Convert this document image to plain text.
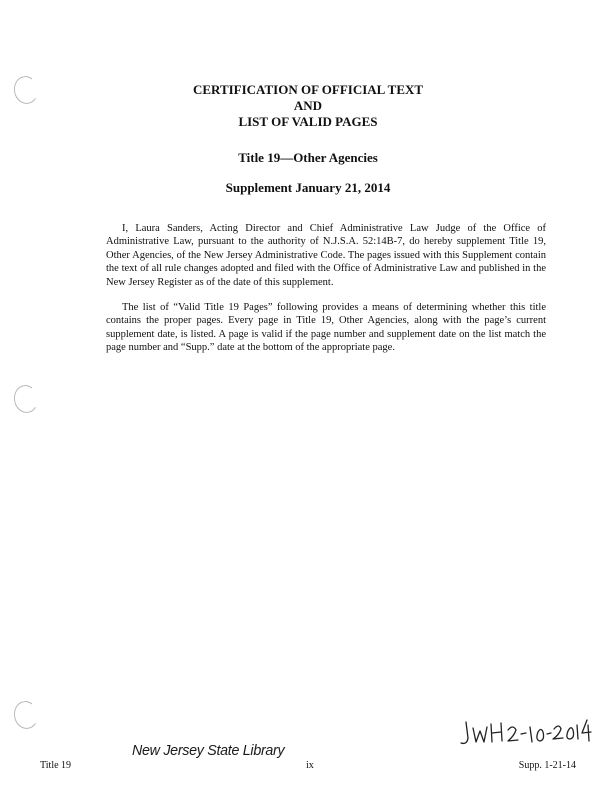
CERTIFICATION OF OFFICIAL TEXT
AND
LIST OF VALID PAGES
Title 19—Other Agencies
Supplement January 21, 2014

I, Laura Sanders, Acting Director and Chief Administrative Law Judge of the Office of Administrative Law, pursuant to the authority of N.J.S.A. 52:14B-7, do hereby supplement Title 19, Other Agencies, of the New Jersey Administrative Code. The pages issued with this Supplement contain the text of all rule changes adopted and filed with the Office of Administrative Law and published in the New Jersey Register as of the date of this supplement.

The list of “Valid Title 19 Pages” following provides a means of determining whether this title contains the proper pages. Every page in Title 19, Other Agencies, along with the page’s current supplement date, is listed. A page is valid if the page number and supplement date on the list match the page number and “Supp.” date at the bottom of the appropriate page.

New Jersey State Library
Title 19	ix	Supp. 1-21-14
